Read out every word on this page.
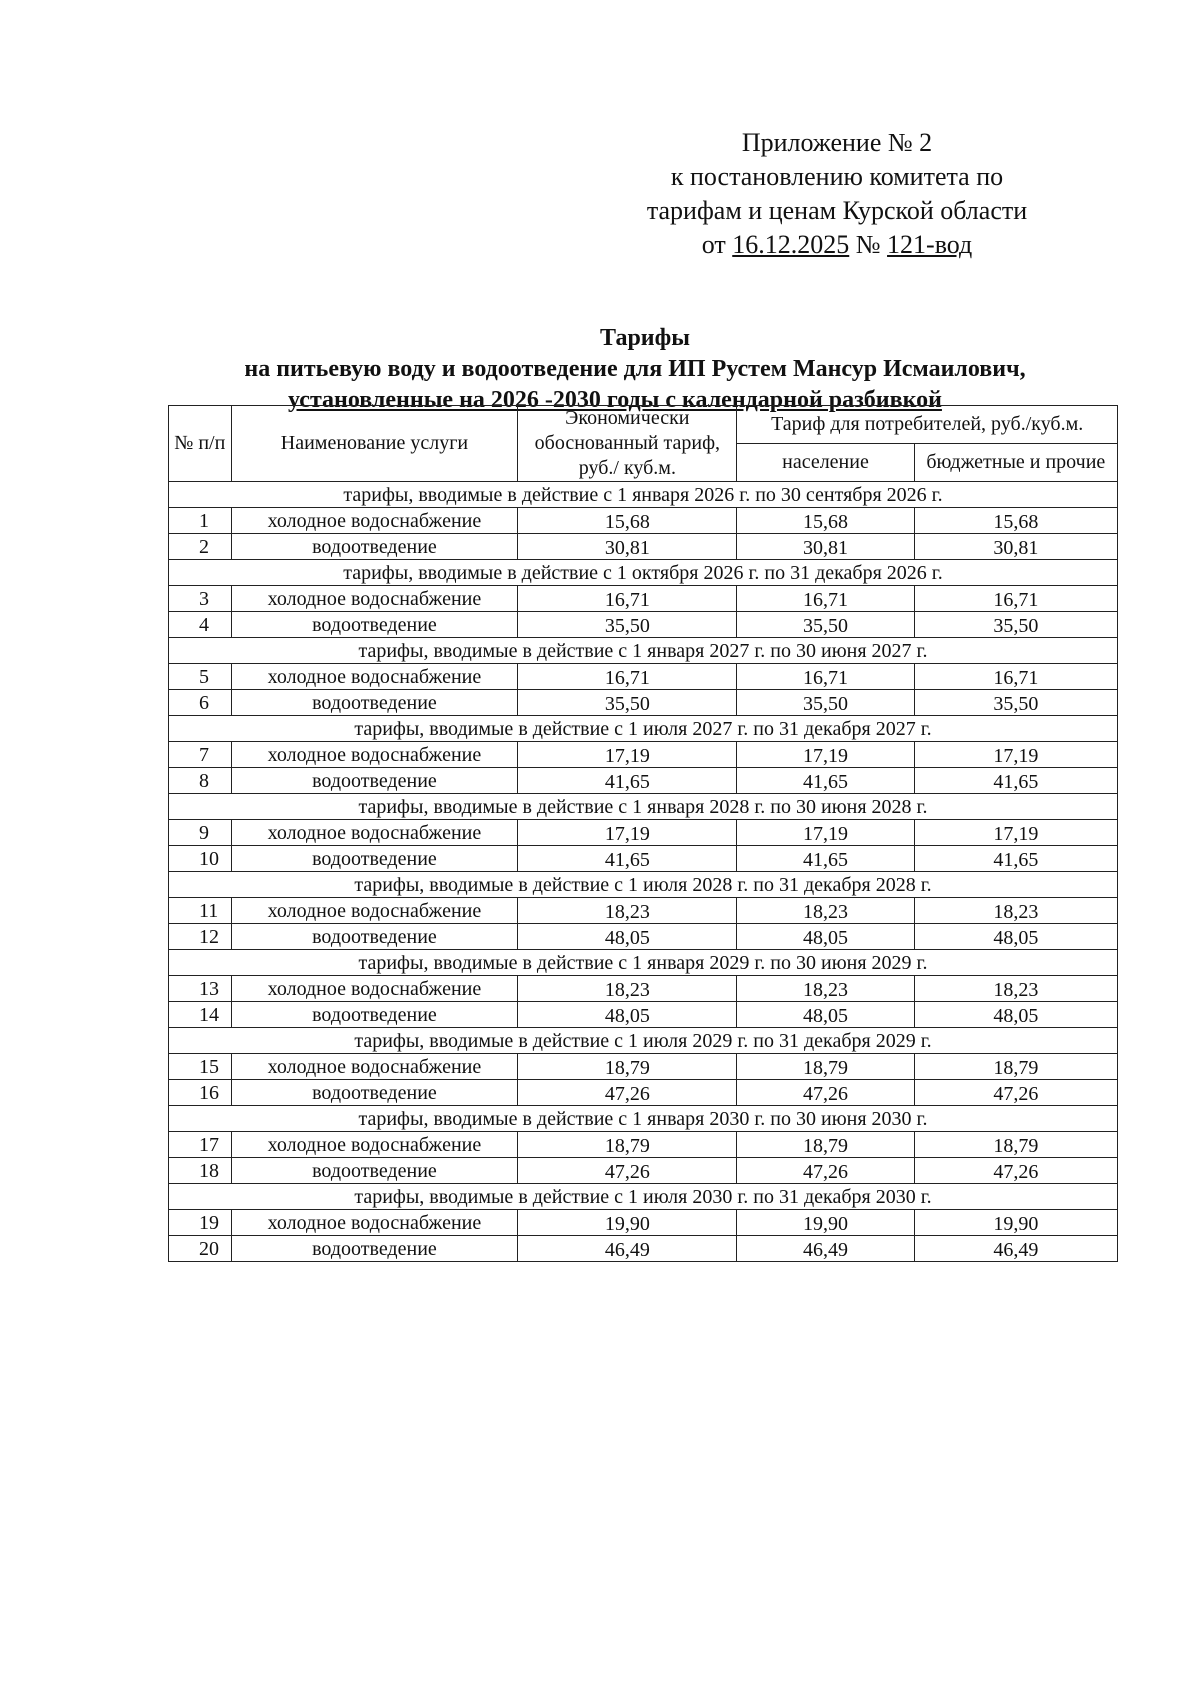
Приложение № 2
к постановлению комитета по
тарифам и ценам Курской области
от 16.12.2025 № 121-вод
Тарифы
на питьевую воду и водоотведение для ИП Рустем Мансур Исмаилович,
установленные на 2026 -2030 годы с календарной разбивкой
№ п/п	Наименование услуги	Экономически обоснованный тариф, руб./ куб.м.	Тариф для потребителей, руб./куб.м.	
			население	бюджетные и прочие
тарифы, вводимые в действие с 1 января 2026 г. по 30 сентября 2026 г.				
1	холодное водоснабжение	15,68	15,68	15,68
2	водоотведение	30,81	30,81	30,81
тарифы, вводимые в действие с 1 октября 2026 г. по 31 декабря 2026 г.				
3	холодное водоснабжение	16,71	16,71	16,71
4	водоотведение	35,50	35,50	35,50
тарифы, вводимые в действие с 1 января 2027 г. по 30 июня 2027 г.				
5	холодное водоснабжение	16,71	16,71	16,71
6	водоотведение	35,50	35,50	35,50
тарифы, вводимые в действие с 1 июля 2027 г. по 31 декабря 2027 г.				
7	холодное водоснабжение	17,19	17,19	17,19
8	водоотведение	41,65	41,65	41,65
тарифы, вводимые в действие с 1 января 2028 г. по 30 июня 2028 г.				
9	холодное водоснабжение	17,19	17,19	17,19
10	водоотведение	41,65	41,65	41,65
тарифы, вводимые в действие с 1 июля 2028 г. по 31 декабря 2028 г.				
11	холодное водоснабжение	18,23	18,23	18,23
12	водоотведение	48,05	48,05	48,05
тарифы, вводимые в действие с 1 января 2029 г. по 30 июня 2029 г.				
13	холодное водоснабжение	18,23	18,23	18,23
14	водоотведение	48,05	48,05	48,05
тарифы, вводимые в действие с 1 июля 2029 г. по 31 декабря 2029 г.				
15	холодное водоснабжение	18,79	18,79	18,79
16	водоотведение	47,26	47,26	47,26
тарифы, вводимые в действие с 1 января 2030 г. по 30 июня 2030 г.				
17	холодное водоснабжение	18,79	18,79	18,79
18	водоотведение	47,26	47,26	47,26
тарифы, вводимые в действие с 1 июля 2030 г. по 31 декабря 2030 г.				
19	холодное водоснабжение	19,90	19,90	19,90
20	водоотведение	46,49	46,49	46,49
